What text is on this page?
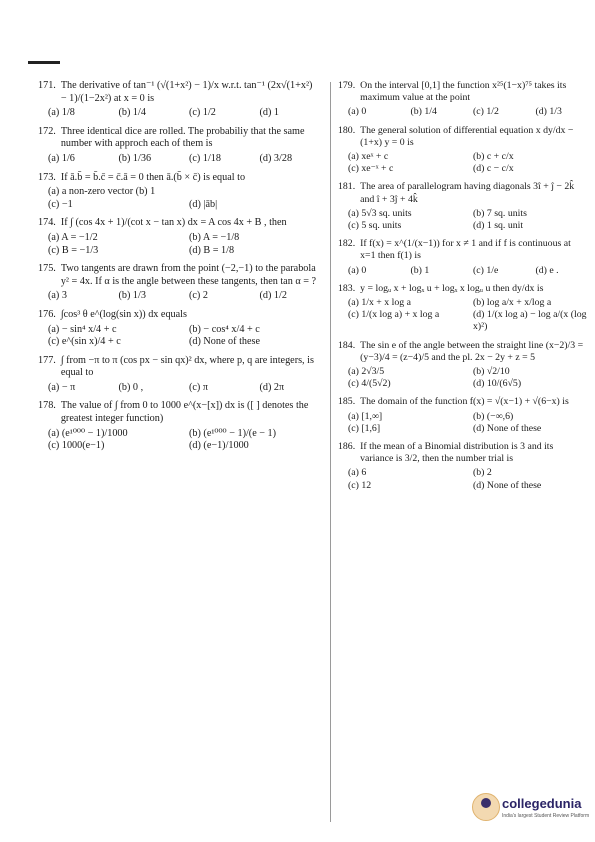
171. The derivative of tan⁻¹ (√(1+x²) − 1)/x w.r.t. tan⁻¹ (2x√(1+x²) − 1)/(1−2x²) at x = 0 is
(a) 1/8	(b) 1/4	(c) 1/2	(d) 1
172. Three identical dice are rolled. The probabiliy that the same number with approch each of them is
(a) 1/6	(b) 1/36	(c) 1/18	(d) 3/28
173. If ā.b̄ = b̄.c̄ = c̄.ā = 0 then ā.(b̄ × c̄) is equal to
(a) a non-zero vector (b) 1
(c) −1	(d) |āb|
174. If ∫ (cos 4x + 1)/(cot x − tan x) dx = A cos 4x + B , then
(a) A = −1/2	(b) A = −1/8
(c) B = −1/3	(d) B = 1/8
175. Two tangents are drawn from the point (−2,−1) to the parabola y² = 4x. If α is the angle between these tangents, then tan α = ?
(a) 3	(b) 1/3	(c) 2	(d) 1/2
176. ∫cos³ θ e^(log(sin x)) dx equals
(a) − sin⁴ x/4 + c	(b) − cos⁴ x/4 + c
(c) e^(sin x)/4 + c	(d) None of these
177. ∫ from −π to π (cos px − sin qx)² dx, where p, q are integers, is equal to
(a) − π	(b) 0 ,	(c) π	(d) 2π
178. The value of ∫ from 0 to 1000 e^(x−[x]) dx is ([ ] denotes the greatest integer function)
(a) (e¹⁰⁰⁰ − 1)/1000	(b) (e¹⁰⁰⁰ − 1)/(e − 1)
(c) 1000(e−1)	(d) (e−1)/1000
179. On the interval [0,1] the function x²⁵(1−x)⁷⁵ takes its maximum value at the point
(a) 0	(b) 1/4	(c) 1/2	(d) 1/3
180. The general solution of differential equation x dy/dx − (1+x) y = 0 is
(a) xeˣ + c	(b) c + c/x
(c) xe⁻ˣ + c	(d) c − c/x
181. The area of parallelogram having diagonals 3î + ĵ − 2k̂ and î + 3ĵ + 4k̂
(a) 5√3 sq. units	(b) 7 sq. units
(c) 5 sq. units	(d) 1 sq. unit
182. If f(x) = x^(1/(x−1)) for x ≠ 1 and if f is continuous at x=1 then f(1) is
(a) 0	(b) 1	(c) 1/e	(d) e .
183. y = logᵤ x + logₓ u + logₓ x logᵤ u then dy/dx is
(a) 1/x + x log a	(b) log a/x + x/log a
(c) 1/(x log a) + x log a	(d) 1/(x log a) − log a/(x (log x)²)
184. The sin e of the angle between the straight line (x−2)/3 = (y−3)/4 = (z−4)/5 and the pl. 2x − 2y + z = 5
(a) 2√3/5	(b) √2/10
(c) 4/(5√2)	(d) 10/(6√5)
185. The domain of the function f(x) = √(x−1) + √(6−x) is
(a) [1,∞]	(b) (−∞,6)
(c) [1,6]	(d) None of these
186. If the mean of a Binomial distribution is 3 and its variance is 3/2, then the number trial is
(a) 6	(b) 2
(c) 12	(d) None of these
collegedunia
India's largest Student Review Platform
